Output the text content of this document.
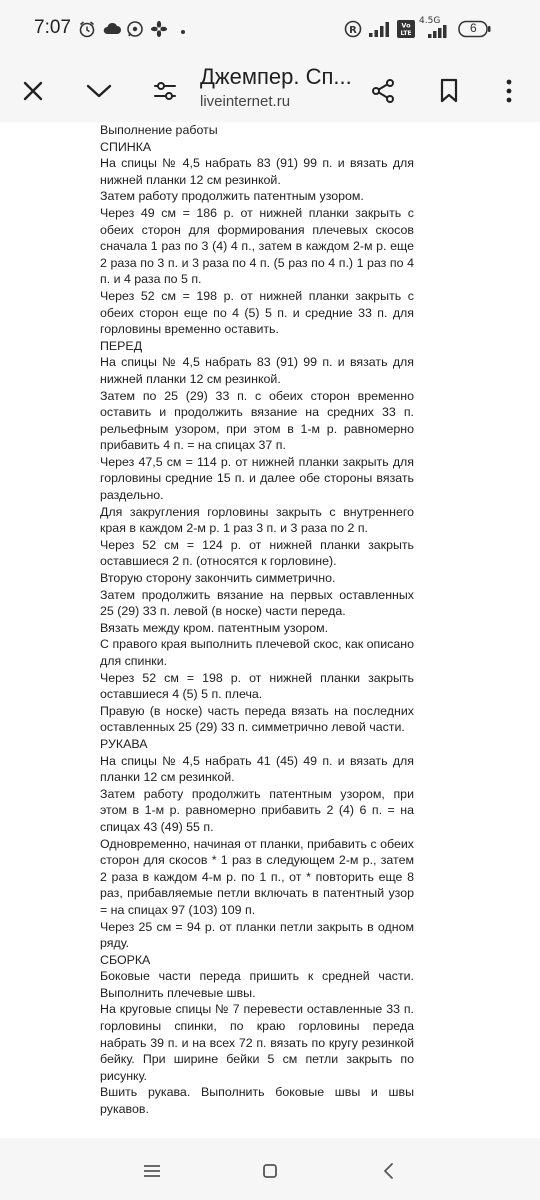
7:07	R	Vo
LTE
4.5G 6
Джемпер. Сп...
liveinternet.ru

Выполнение работы

СПИНКА

На спицы № 4,5 набрать 83 (91) 99 п. и вязать для нижней планки 12 см резинкой.

Затем работу продолжить патентным узором.

Через 49 см = 186 р. от нижней планки закрыть с обеих сторон для формирования плечевых скосов сначала 1 раз по 3 (4) 4 п., затем в каждом 2-м р. еще 2 раза по 3 п. и 3 раза по 4 п. (5 раз по 4 п.) 1 раз по 4 п. и 4 раза по 5 п.

Через 52 см = 198 р. от нижней планки закрыть с обеих сторон еще по 4 (5) 5 п. и средние 33 п. для горловины временно оставить.

ПЕРЕД

На спицы № 4,5 набрать 83 (91) 99 п. и вязать для нижней планки 12 см резинкой.

Затем по 25 (29) 33 п. с обеих сторон временно оставить и продолжить вязание на средних 33 п. рельефным узором, при этом в 1-м р. равномерно прибавить 4 п. = на спицах 37 п.

Через 47,5 см = 114 р. от нижней планки закрыть для горловины средние 15 п. и далее обе стороны вязать раздельно.

Для закругления горловины закрыть с внутреннего края в каждом 2-м р. 1 раз 3 п. и 3 раза по 2 п.

Через 52 см = 124 р. от нижней планки закрыть оставшиеся 2 п. (относятся к горловине).

Вторую сторону закончить симметрично.

Затем продолжить вязание на первых оставленных 25 (29) 33 п. левой (в носке) части переда.

Вязать между кром. патентным узором.

С правого края выполнить плечевой скос, как описано для спинки.

Через 52 см = 198 р. от нижней планки закрыть оставшиеся 4 (5) 5 п. плеча.

Правую (в носке) часть переда вязать на последних оставленных 25 (29) 33 п. симметрично левой части.

РУКАВА

На спицы № 4,5 набрать 41 (45) 49 п. и вязать для планки 12 см резинкой.

Затем работу продолжить патентным узором, при этом в 1-м р. равномерно прибавить 2 (4) 6 п. = на спицах 43 (49) 55 п.

Одновременно, начиная от планки, прибавить с обеих сторон для скосов * 1 раз в следующем 2-м р., затем 2 раза в каждом 4-м р. по 1 п., от * повторить еще 8 раз, прибавляемые петли включать в патентный узор = на спицах 97 (103) 109 п.

Через 25 см = 94 р. от планки петли закрыть в одном ряду.

СБОРКА

Боковые части переда пришить к средней части. Выполнить плечевые швы.

На круговые спицы № 7 перевести оставленные 33 п. горловины спинки, по краю горловины переда набрать 39 п. и на всех 72 п. вязать по кругу резинкой бейку. При ширине бейки 5 см петли закрыть по рисунку.

Вшить рукава. Выполнить боковые швы и швы рукавов.
